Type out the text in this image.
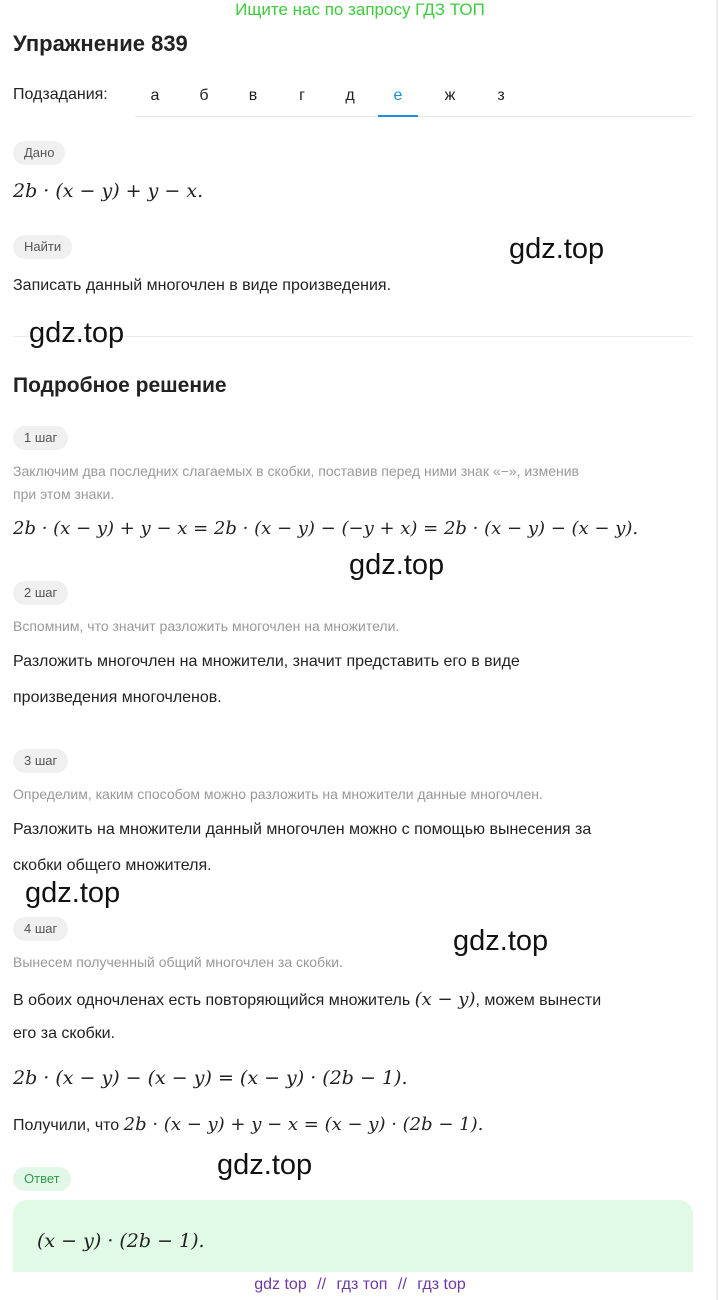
Ищите нас по запросу ГДЗ ТОП
Упражнение 839
Подзадания:	а	б	в	г	д	е	ж	з
Дано
2b · (x − y) + y − x.
Найти
Записать данный многочлен в виде произведения.
Подробное решение
1 шаг
Заключим два последних слагаемых в скобки, поставив перед ними знак «−», изменив
при этом знаки.
2b · (x − y) + y − x = 2b · (x − y) − (−y + x) = 2b · (x − y) − (x − y).
2 шаг
Вспомним, что значит разложить многочлен на множители.
Разложить многочлен на множители, значит представить его в виде
произведения многочленов.
3 шаг
Определим, каким способом можно разложить на множители данные многочлен.
Разложить на множители данный многочлен можно с помощью вынесения за
скобки общего множителя.
4 шаг
Вынесем полученный общий многочлен за скобки.
В обоих одночленах есть повторяющийся множитель (x − y), можем вынести
его за скобки.
2b · (x − y) − (x − y) = (x − y) · (2b − 1).
Получили, что 2b · (x − y) + y − x = (x − y) · (2b − 1).
Ответ
(x − y) · (2b − 1).
gdz.top
gdz.top
gdz.top
gdz.top
gdz.top
gdz.top
gdz top // гдз топ // гдз top
